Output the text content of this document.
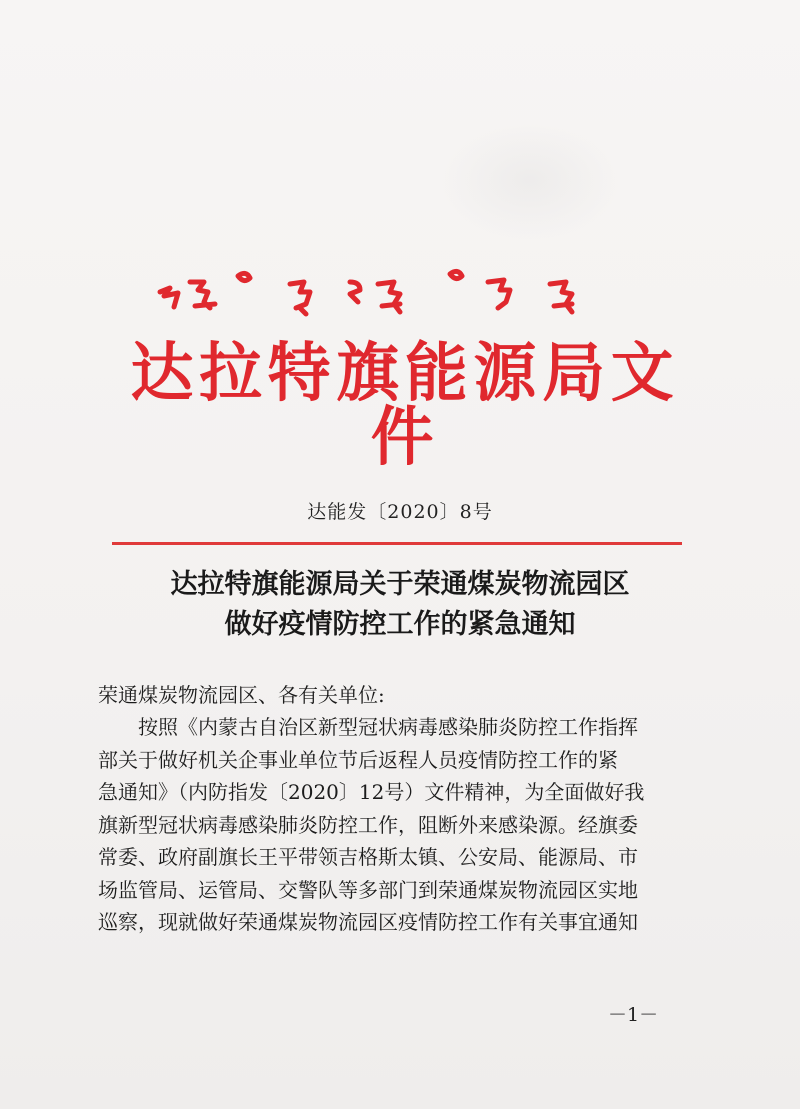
达拉特旗能源局文件
达能发〔2020〕8号
达拉特旗能源局关于荣通煤炭物流园区
做好疫情防控工作的紧急通知
荣通煤炭物流园区、各有关单位:
　　按照《内蒙古自治区新型冠状病毒感染肺炎防控工作指挥
部关于做好机关企事业单位节后返程人员疫情防控工作的紧
急通知》（内防指发〔2020〕12号）文件精神，为全面做好我
旗新型冠状病毒感染肺炎防控工作，阻断外来感染源。经旗委
常委、政府副旗长王平带领吉格斯太镇、公安局、能源局、市
场监管局、运管局、交警队等多部门到荣通煤炭物流园区实地
巡察，现就做好荣通煤炭物流园区疫情防控工作有关事宜通知
－1－
